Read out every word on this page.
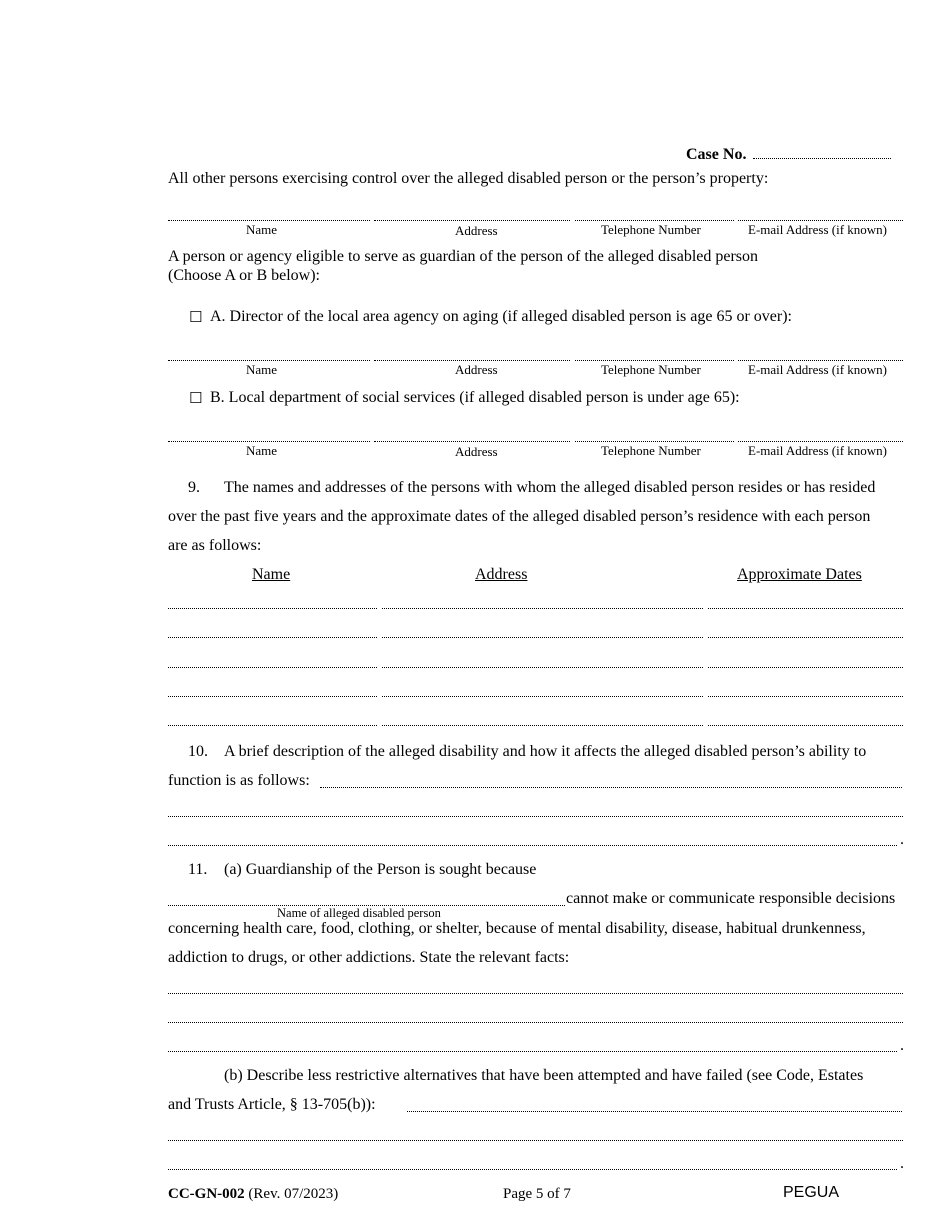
Case No.
All other persons exercising control over the alleged disabled person or the person’s property:
Name	Address	Telephone Number	E-mail Address (if known)
A person or agency eligible to serve as guardian of the person of the alleged disabled person
(Choose A or B below):
☐ A. Director of the local area agency on aging (if alleged disabled person is age 65 or over):
Name	Address	Telephone Number	E-mail Address (if known)
☐ B. Local department of social services (if alleged disabled person is under age 65):
Name	Address	Telephone Number	E-mail Address (if known)
9. The names and addresses of the persons with whom the alleged disabled person resides or has resided
over the past five years and the approximate dates of the alleged disabled person’s residence with each person
are as follows:
Name	Address	Approximate Dates
10. A brief description of the alleged disability and how it affects the alleged disabled person’s ability to
function is as follows:
.
11. (a) Guardianship of the Person is sought because
cannot make or communicate responsible decisions
Name of alleged disabled person
concerning health care, food, clothing, or shelter, because of mental disability, disease, habitual drunkenness,
addiction to drugs, or other addictions. State the relevant facts:
.
(b) Describe less restrictive alternatives that have been attempted and have failed (see Code, Estates
and Trusts Article, § 13-705(b)):
.
CC-GN-002 (Rev. 07/2023)	Page 5 of 7	PEGUA
